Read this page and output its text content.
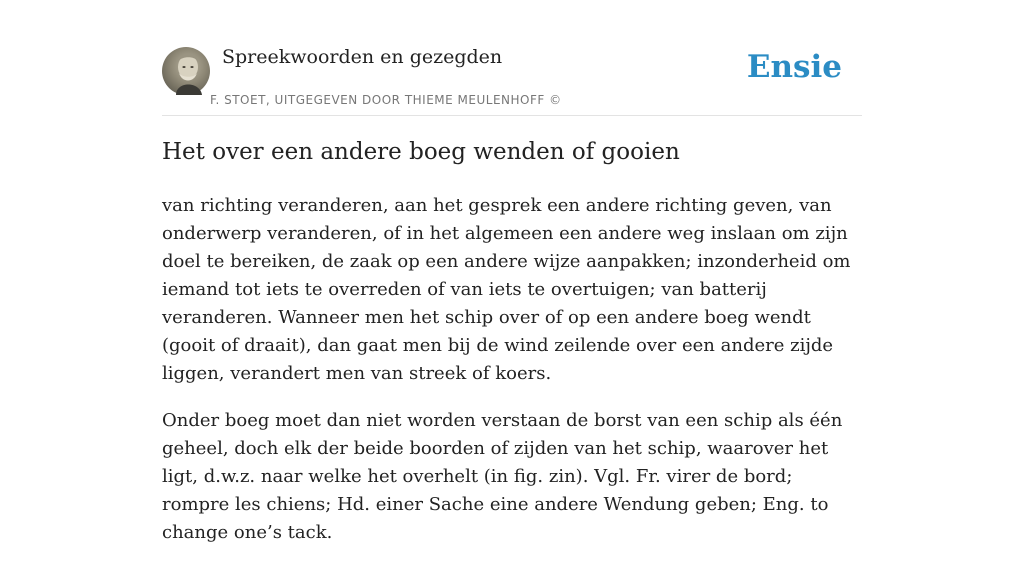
Spreekwoorden en gezegden
F. STOET, UITGEGEVEN DOOR THIEME MEULENHOFF ©
Ensie
Het over een andere boeg wenden of gooien

van richting veranderen, aan het gesprek een andere richting geven, van onderwerp veranderen, of in het algemeen een andere weg inslaan om zijn doel te bereiken, de zaak op een andere wijze aanpakken; inzonderheid om iemand tot iets te overreden of van iets te overtuigen; van batterij veranderen. Wanneer men het schip over of op een andere boeg wendt (gooit of draait), dan gaat men bij de wind zeilende over een andere zijde liggen, verandert men van streek of koers.

Onder boeg moet dan niet worden verstaan de borst van een schip als één geheel, doch elk der beide boorden of zijden van het schip, waarover het ligt, d.w.z. naar welke het overhelt (in fig. zin). Vgl. Fr. virer de bord; rompre les chiens; Hd. einer Sache eine andere Wendung geben; Eng. to change one’s tack.
